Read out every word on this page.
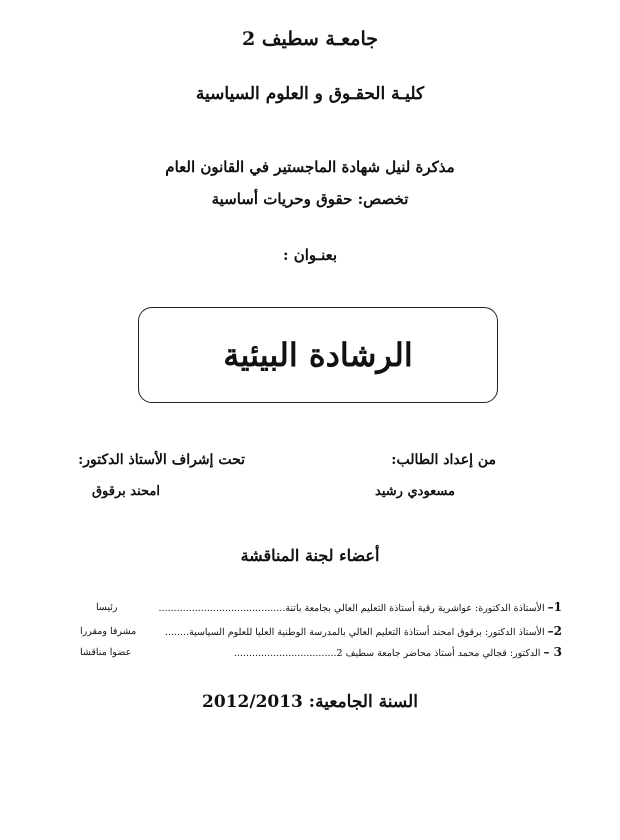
جامعـة سطيف 2
كليـة الحقـوق و العلوم السياسية
مذكرة لنيل شهادة الماجستير في القانون العام
تخصص: حقوق وحريات أساسية
بعنـوان :
الرشادة البيئية
من إعداد الطالب:
مسعودي رشيد
تحت إشراف الأستاذ الدكتور:
امحند برقوق
أعضاء لجنة المناقشة
1– الأستاذة الدكتورة: عواشرية رقية أستاذة التعليم العالي بجامعة باتنة..........................................
رئيسا
2– الأستاذ الدكتور: برقوق امحند أستاذة التعليم العالي بالمدرسة الوطنية العليا للعلوم السياسية........
مشرفا ومقررا
3 – الدكتور: قجالي محمد أستاذ محاضر جامعة سطيف 2..................................
عضوا مناقشا
السنة الجامعية: 2012/2013
